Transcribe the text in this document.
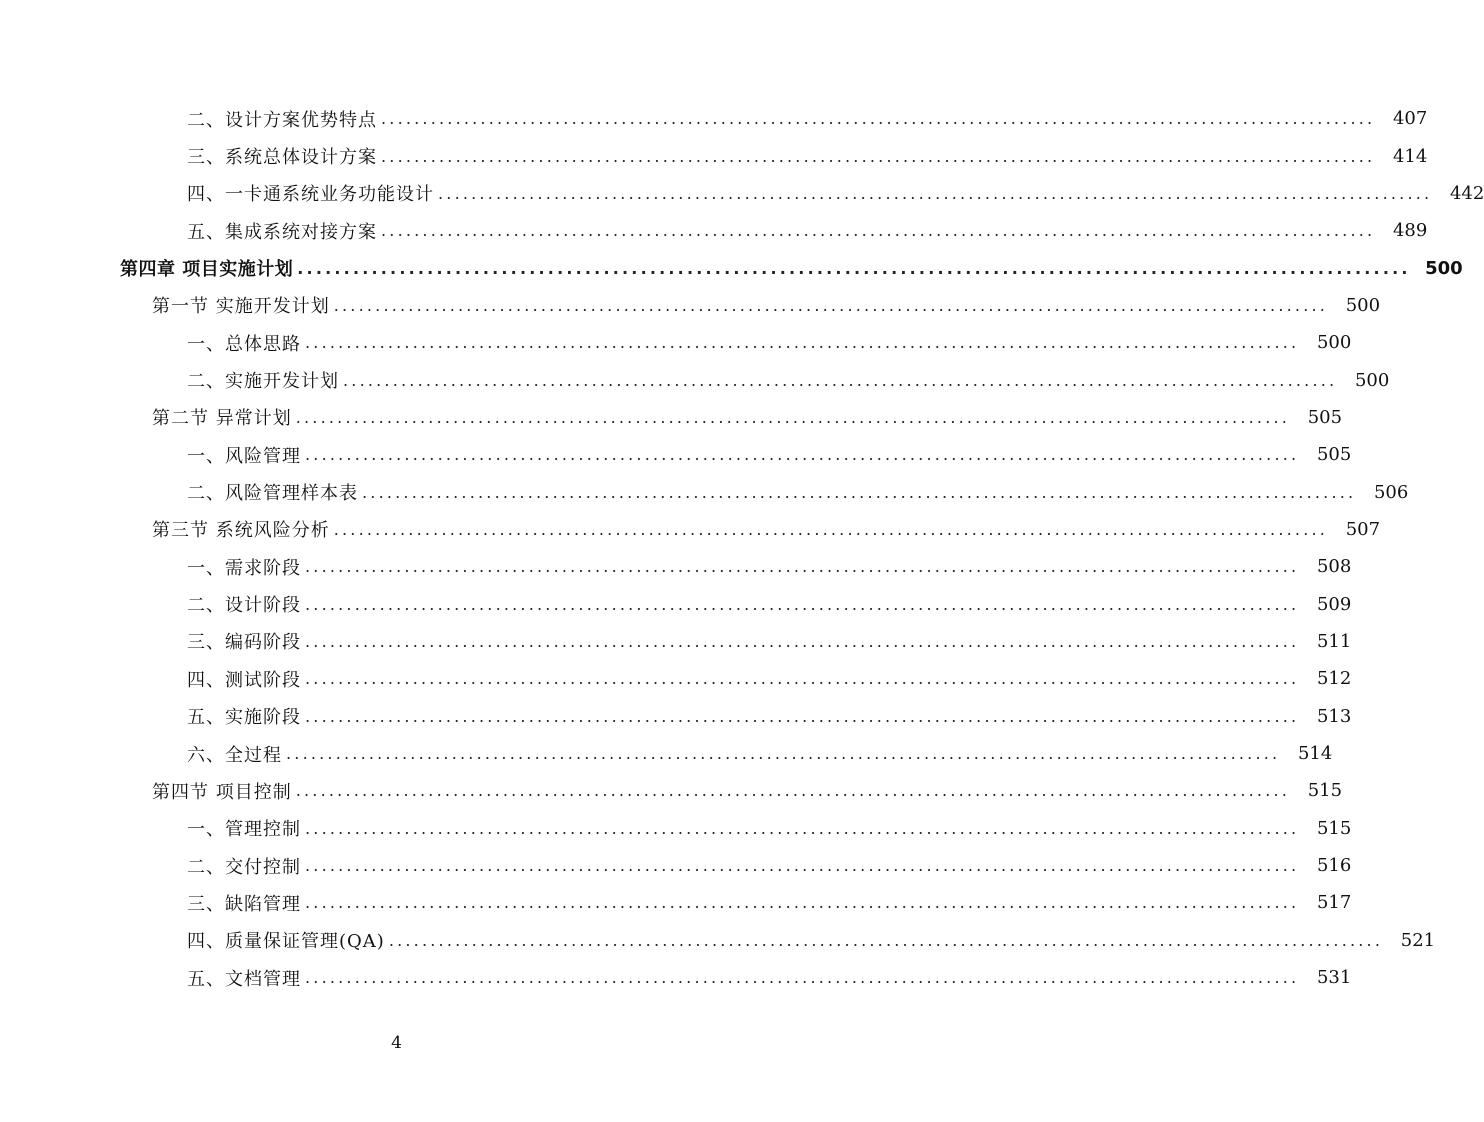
二、设计方案优势特点 ........................................................................................................................ 407
三、系统总体设计方案 ........................................................................................................................ 414
四、一卡通系统业务功能设计 ........................................................................................................................ 442
五、集成系统对接方案 ........................................................................................................................ 489
第四章 项目实施计划 ........................................................................................................................ 500
第一节 实施开发计划 ........................................................................................................................ 500
一、总体思路 ........................................................................................................................ 500
二、实施开发计划 ........................................................................................................................ 500
第二节 异常计划 ........................................................................................................................ 505
一、风险管理 ........................................................................................................................ 505
二、风险管理样本表 ........................................................................................................................ 506
第三节 系统风险分析 ........................................................................................................................ 507
一、需求阶段 ........................................................................................................................ 508
二、设计阶段 ........................................................................................................................ 509
三、编码阶段 ........................................................................................................................ 511
四、测试阶段 ........................................................................................................................ 512
五、实施阶段 ........................................................................................................................ 513
六、全过程 ........................................................................................................................ 514
第四节 项目控制 ........................................................................................................................ 515
一、管理控制 ........................................................................................................................ 515
二、交付控制 ........................................................................................................................ 516
三、缺陷管理 ........................................................................................................................ 517
四、质量保证管理(QA) ........................................................................................................................ 521
五、文档管理 ........................................................................................................................ 531
4
